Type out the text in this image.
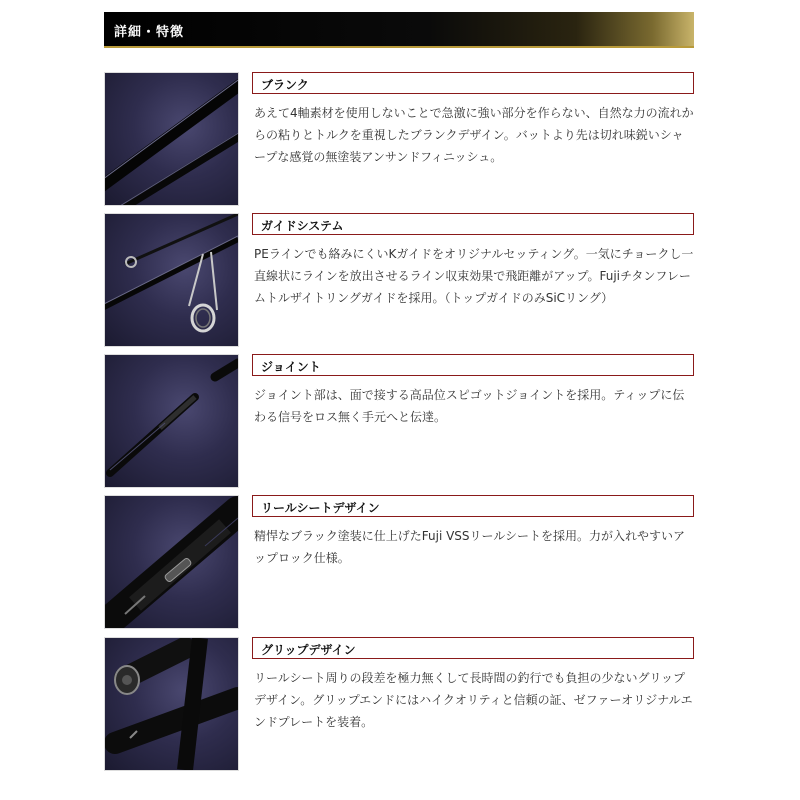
詳細・特徴
ブランク
あえて4軸素材を使用しないことで急激に強い部分を作らない、自然な力の流れからの粘りとトルクを重視したブランクデザイン。バットより先は切れ味鋭いシャープな感覚の無塗装アンサンドフィニッシュ。
ガイドシステム
PEラインでも絡みにくいKガイドをオリジナルセッティング。一気にチョークし一直線状にラインを放出させるライン収束効果で飛距離がアップ。Fujiチタンフレームトルザイトリングガイドを採用。（トップガイドのみSiCリング）
ジョイント
ジョイント部は、面で接する高品位スピゴットジョイントを採用。ティップに伝わる信号をロス無く手元へと伝達。
リールシートデザイン
精悍なブラック塗装に仕上げたFuji VSSリールシートを採用。力が入れやすいアップロック仕様。
グリップデザイン
リールシート周りの段差を極力無くして長時間の釣行でも負担の少ないグリップデザイン。グリップエンドにはハイクオリティと信頼の証、ゼファーオリジナルエンドプレートを装着。
